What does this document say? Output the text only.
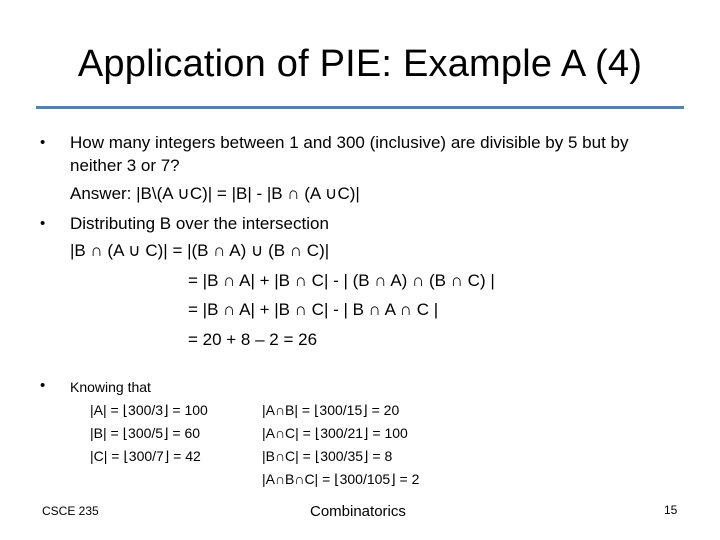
Application of PIE: Example A (4)
• How many integers between 1 and 300 (inclusive) are divisible by 5 but by
neither 3 or 7?
Answer: |B\(A ∪C)| = |B| - |B ∩ (A ∪C)|
• Distributing B over the intersection
|B ∩ (A ∪ C)| = |(B ∩ A) ∪ (B ∩ C)|
= |B ∩ A| + |B ∩ C| - | (B ∩ A) ∩ (B ∩ C) |
= |B ∩ A| + |B ∩ C| - | B ∩ A ∩ C |
= 20 + 8 – 2 = 26
• Knowing that
|A| = ⌊300/3⌋ = 100
|B| = ⌊300/5⌋ = 60
|C| = ⌊300/7⌋ = 42
|A∩B| = ⌊300/15⌋ = 20
|A∩C| = ⌊300/21⌋ = 100
|B∩C| = ⌊300/35⌋ = 8
|A∩B∩C| = ⌊300/105⌋ = 2
CSCE 235	Combinatorics	15
